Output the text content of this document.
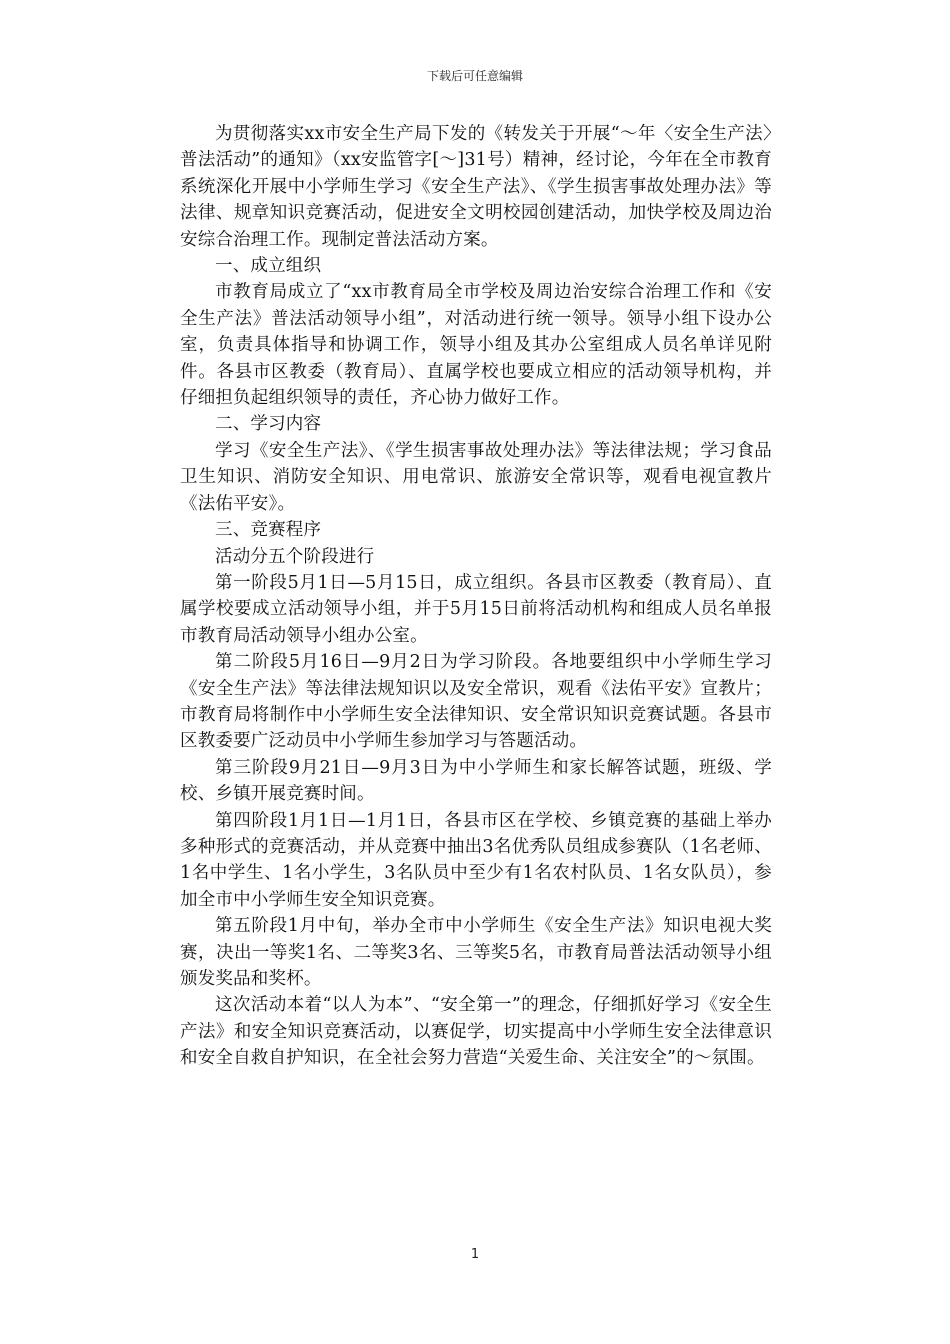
下载后可任意编辑

为贯彻落实xx市安全生产局下发的《转发关于开展“～年〈安全生产法〉普法活动”的通知》（xx安监管字[～]31号）精神，经讨论，今年在全市教育系统深化开展中小学师生学习《安全生产法》、《学生损害事故处理办法》等法律、规章知识竞赛活动，促进安全文明校园创建活动，加快学校及周边治安综合治理工作。现制定普法活动方案。

一、成立组织

市教育局成立了“xx市教育局全市学校及周边治安综合治理工作和《安全生产法》普法活动领导小组”，对活动进行统一领导。领导小组下设办公室，负责具体指导和协调工作，领导小组及其办公室组成人员名单详见附件。各县市区教委（教育局）、直属学校也要成立相应的活动领导机构，并仔细担负起组织领导的责任，齐心协力做好工作。

二、学习内容

学习《安全生产法》、《学生损害事故处理办法》等法律法规；学习食品卫生知识、消防安全知识、用电常识、旅游安全常识等，观看电视宣教片《法佑平安》。

三、竞赛程序

活动分五个阶段进行

第一阶段5月1日—5月15日，成立组织。各县市区教委（教育局）、直属学校要成立活动领导小组，并于5月15日前将活动机构和组成人员名单报市教育局活动领导小组办公室。

第二阶段5月16日—9月2日为学习阶段。各地要组织中小学师生学习《安全生产法》等法律法规知识以及安全常识，观看《法佑平安》宣教片；市教育局将制作中小学师生安全法律知识、安全常识知识竞赛试题。各县市区教委要广泛动员中小学师生参加学习与答题活动。

第三阶段9月21日—9月3日为中小学师生和家长解答试题，班级、学校、乡镇开展竞赛时间。

第四阶段1月1日—1月1日，各县市区在学校、乡镇竞赛的基础上举办多种形式的竞赛活动，并从竞赛中抽出3名优秀队员组成参赛队（1名老师、1名中学生、1名小学生，3名队员中至少有1名农村队员、1名女队员），参加全市中小学师生安全知识竞赛。

第五阶段1月中旬，举办全市中小学师生《安全生产法》知识电视大奖赛，决出一等奖1名、二等奖3名、三等奖5名，市教育局普法活动领导小组颁发奖品和奖杯。

这次活动本着“以人为本”、“安全第一”的理念，仔细抓好学习《安全生产法》和安全知识竞赛活动，以赛促学，切实提高中小学师生安全法律意识和安全自救自护知识，在全社会努力营造“关爱生命、关注安全”的～氛围。

1
